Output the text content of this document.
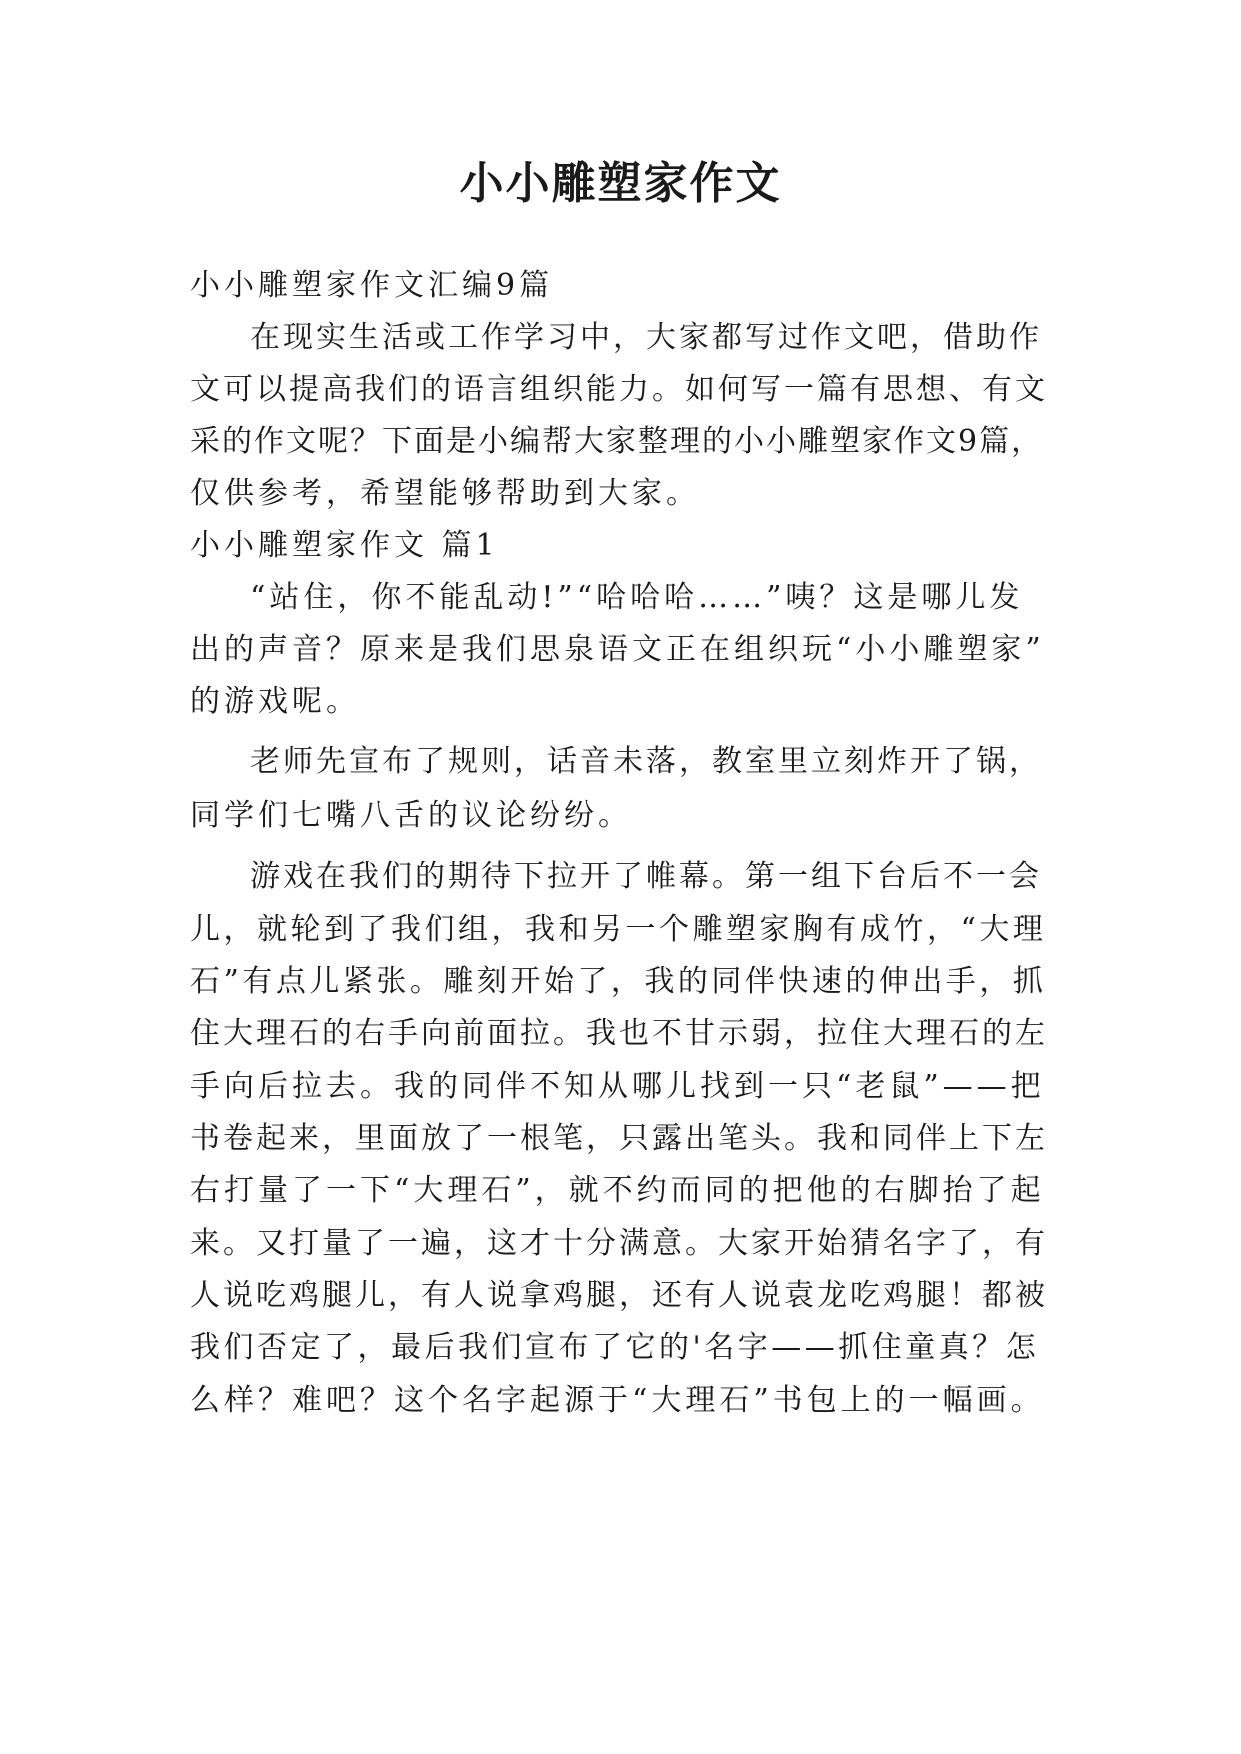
小小雕塑家作文
小小雕塑家作文汇编9篇
在现实生活或工作学习中，大家都写过作文吧，借助作
文可以提高我们的语言组织能力。如何写一篇有思想、有文
采的作文呢？下面是小编帮大家整理的小小雕塑家作文9篇，
仅供参考，希望能够帮助到大家。
小小雕塑家作文 篇1
“站住，你不能乱动!”“哈哈哈……”咦？这是哪儿发
出的声音？原来是我们思泉语文正在组织玩“小小雕塑家”
的游戏呢。
老师先宣布了规则，话音未落，教室里立刻炸开了锅，
同学们七嘴八舌的议论纷纷。
游戏在我们的期待下拉开了帷幕。第一组下台后不一会
儿，就轮到了我们组，我和另一个雕塑家胸有成竹，“大理
石”有点儿紧张。雕刻开始了，我的同伴快速的伸出手，抓
住大理石的右手向前面拉。我也不甘示弱，拉住大理石的左
手向后拉去。我的同伴不知从哪儿找到一只“老鼠”——把
书卷起来，里面放了一根笔，只露出笔头。我和同伴上下左
右打量了一下“大理石”，就不约而同的把他的右脚抬了起
来。又打量了一遍，这才十分满意。大家开始猜名字了，有
人说吃鸡腿儿，有人说拿鸡腿，还有人说袁龙吃鸡腿！都被
我们否定了，最后我们宣布了它的'名字——抓住童真？怎
么样？难吧？这个名字起源于“大理石”书包上的一幅画。
